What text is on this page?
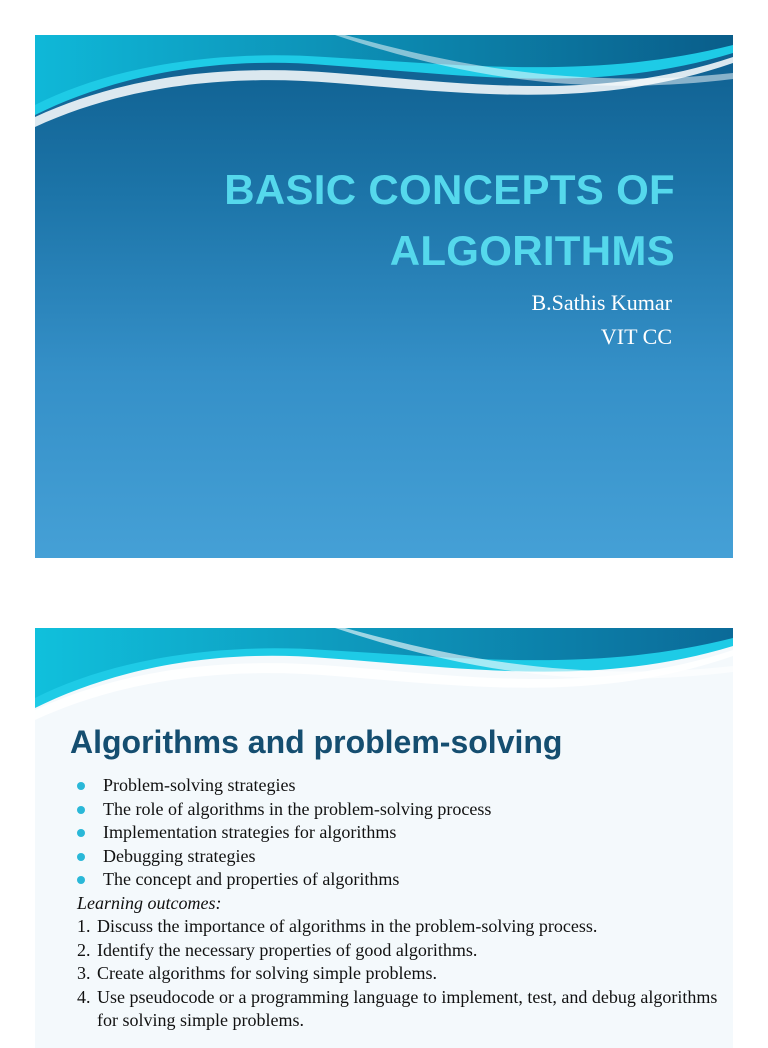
BASIC CONCEPTS OF
ALGORITHMS
B.Sathis Kumar
VIT CC
Algorithms and problem-solving
Problem-solving strategies
The role of algorithms in the problem-solving process
Implementation strategies for algorithms
Debugging strategies
The concept and properties of algorithms
Learning outcomes:
1. Discuss the importance of algorithms in the problem-solving process.
2. Identify the necessary properties of good algorithms.
3. Create algorithms for solving simple problems.
4. Use pseudocode or a programming language to implement, test, and debug algorithms for solving simple problems.
